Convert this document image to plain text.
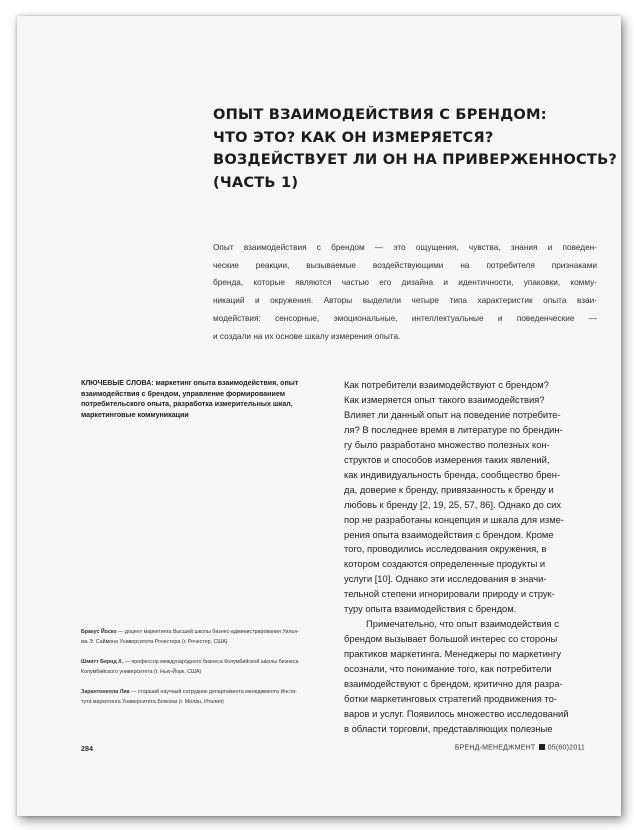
ОПЫТ ВЗАИМОДЕЙСТВИЯ С БРЕНДОМ:
ЧТО ЭТО? КАК ОН ИЗМЕРЯЕТСЯ?
ВОЗДЕЙСТВУЕТ ЛИ ОН НА ПРИВЕРЖЕННОСТЬ?
(ЧАСТЬ 1)
Опыт взаимодействия с брендом — это ощущения, чувства, знания и поведен-
ческие реакции, вызываемые воздействующими на потребителя признаками
бренда, которые являются частью его дизайна и идентичности, упаковки, комму-
никаций и окружения. Авторы выделили четыре типа характеристик опыта взаи-
модействия: сенсорные, эмоциональные, интеллектуальные и поведенческие —
и создали на их основе шкалу измерения опыта.
КЛЮЧЕВЫЕ СЛОВА: маркетинг опыта взаимодействия, опыт
взаимодействия с брендом, управление формированием
потребительского опыта, разработка измерительных шкал,
маркетинговые коммуникации
Как потребители взаимодействуют с брендом?
Как измеряется опыт такого взаимодействия?
Влияет ли данный опыт на поведение потребите-
ля? В последнее время в литературе по брендин-
гу было разработано множество полезных кон-
структов и способов измерения таких явлений,
как индивидуальность бренда, сообщество брен-
да, доверие к бренду, привязанность к бренду и
любовь к бренду [2, 19, 25, 57, 86]. Однако до сих
пор не разработаны концепция и шкала для изме-
рения опыта взаимодействия с брендом. Кроме
того, проводились исследования окружения, в
котором создаются определенные продукты и
услуги [10]. Однако эти исследования в значи-
тельной степени игнорировали природу и струк-
туру опыта взаимодействия с брендом.
Примечательно, что опыт взаимодействия с
брендом вызывает большой интерес со стороны
практиков маркетинга. Менеджеры по маркетингу
осознали, что понимание того, как потребители
взаимодействуют с брендом, критично для разра-
ботки маркетинговых стратегий продвижения то-
варов и услуг. Появилось множество исследований
в области торговли, представляющих полезные
Бракус Йоско — доцент маркетинга Высшей школы бизнес-администрирования Уилья-
ма Э. Саймона Университета Рочестера (г. Рочестер, США)
Шмитт Бернд Х. — профессор международного бизнеса Колумбийской школы бизнеса
Колумбийского университета (г. Нью-Йорк, США)
Зарантонелла Лиа — старший научный сотрудник департамента менеджмента Инсти-
тута маркетинга Университета Боккони (г. Милан, Италия)
284	БРЕНД-МЕНЕДЖМЕНТ 05(60)2011
